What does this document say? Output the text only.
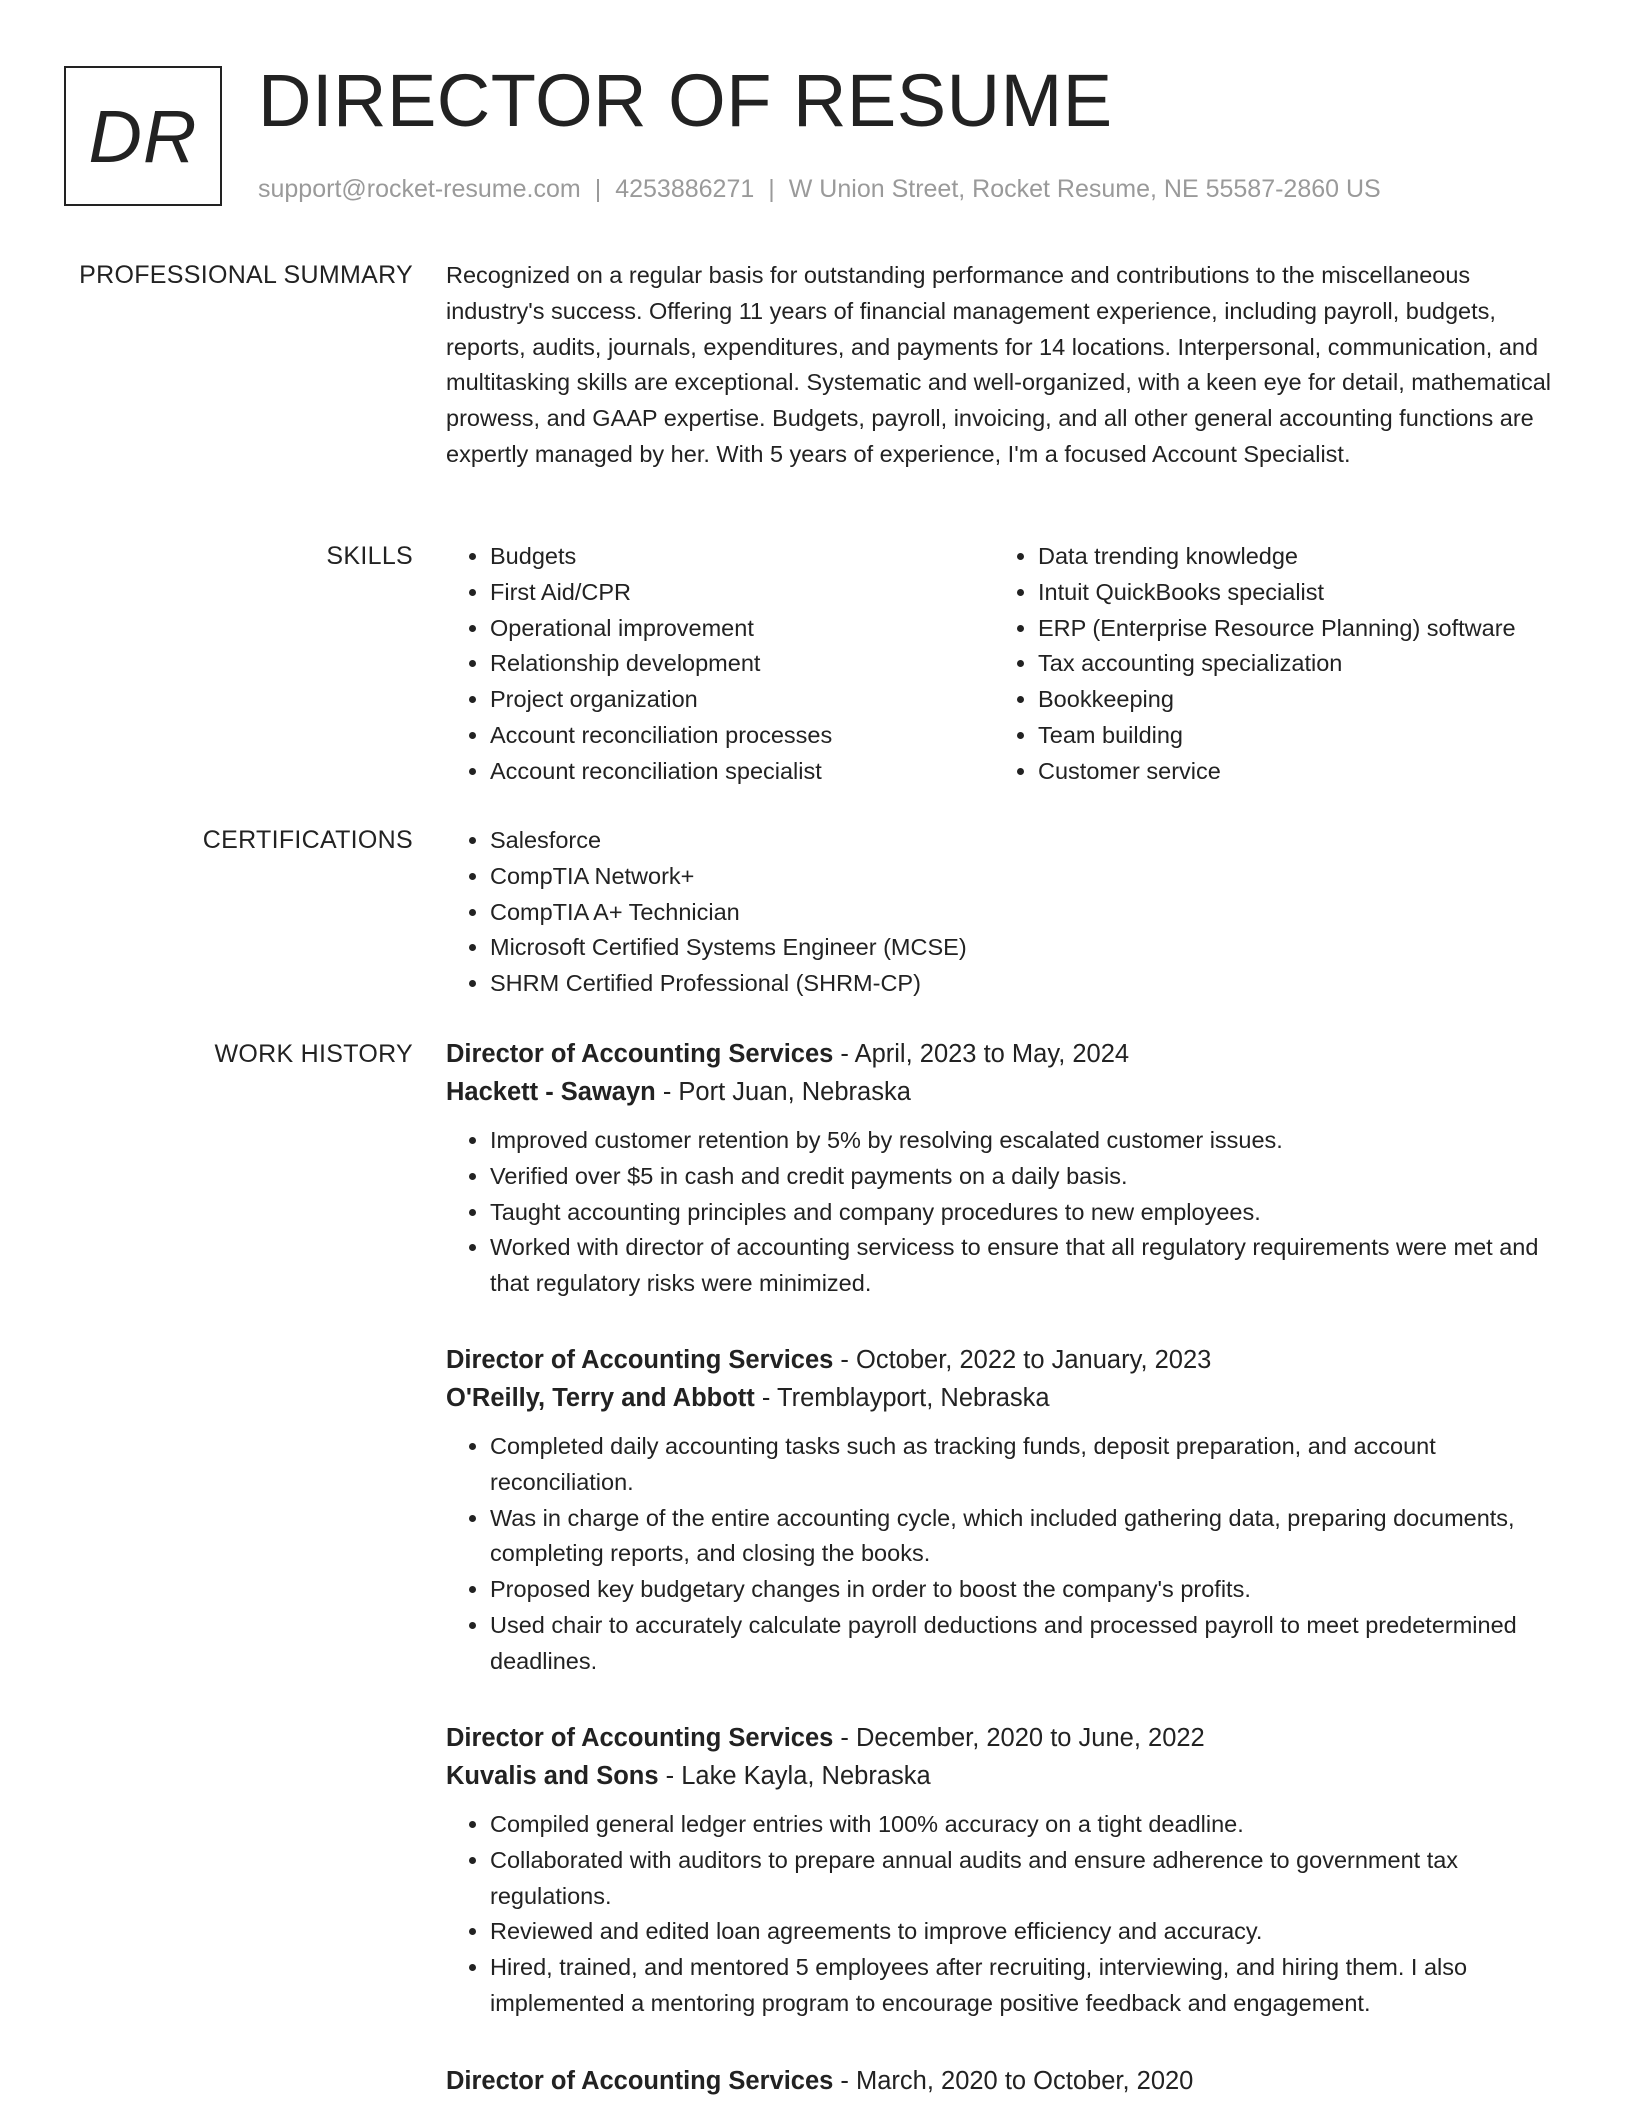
DR DIRECTOR OF RESUME
support@rocket-resume.com | 4253886271 | W Union Street, Rocket Resume, NE 55587-2860 US
PROFESSIONAL SUMMARY Recognized on a regular basis for outstanding performance and contributions to the miscellaneous industry's success. Offering 11 years of financial management experience, including payroll, budgets, reports, audits, journals, expenditures, and payments for 14 locations. Interpersonal, communication, and multitasking skills are exceptional. Systematic and well-organized, with a keen eye for detail, mathematical prowess, and GAAP expertise. Budgets, payroll, invoicing, and all other general accounting functions are expertly managed by her. With 5 years of experience, I'm a focused Account Specialist.
SKILLS	• Budgets
• First Aid/CPR
• Operational improvement
• Relationship development
• Project organization
• Account reconciliation processes
• Account reconciliation specialist
• Data trending knowledge
• Intuit QuickBooks specialist
• ERP (Enterprise Resource Planning) software
• Tax accounting specialization
• Bookkeeping
• Team building
• Customer service
CERTIFICATIONS	• Salesforce
• CompTIA Network+
• CompTIA A+ Technician
• Microsoft Certified Systems Engineer (MCSE)
• SHRM Certified Professional (SHRM-CP)
WORK HISTORY Director of Accounting Services - April, 2023 to May, 2024
Hackett - Sawayn - Port Juan, Nebraska
• Improved customer retention by 5% by resolving escalated customer issues.
• Verified over $5 in cash and credit payments on a daily basis.
• Taught accounting principles and company procedures to new employees.
• Worked with director of accounting servicess to ensure that all regulatory requirements were met and that regulatory risks were minimized.
Director of Accounting Services - October, 2022 to January, 2023
O'Reilly, Terry and Abbott - Tremblayport, Nebraska
• Completed daily accounting tasks such as tracking funds, deposit preparation, and account reconciliation.
• Was in charge of the entire accounting cycle, which included gathering data, preparing documents, completing reports, and closing the books.
• Proposed key budgetary changes in order to boost the company's profits.
• Used chair to accurately calculate payroll deductions and processed payroll to meet predetermined deadlines.
Director of Accounting Services - December, 2020 to June, 2022
Kuvalis and Sons - Lake Kayla, Nebraska
• Compiled general ledger entries with 100% accuracy on a tight deadline.
• Collaborated with auditors to prepare annual audits and ensure adherence to government tax regulations.
• Reviewed and edited loan agreements to improve efficiency and accuracy.
• Hired, trained, and mentored 5 employees after recruiting, interviewing, and hiring them. I also implemented a mentoring program to encourage positive feedback and engagement.
Director of Accounting Services - March, 2020 to October, 2020
